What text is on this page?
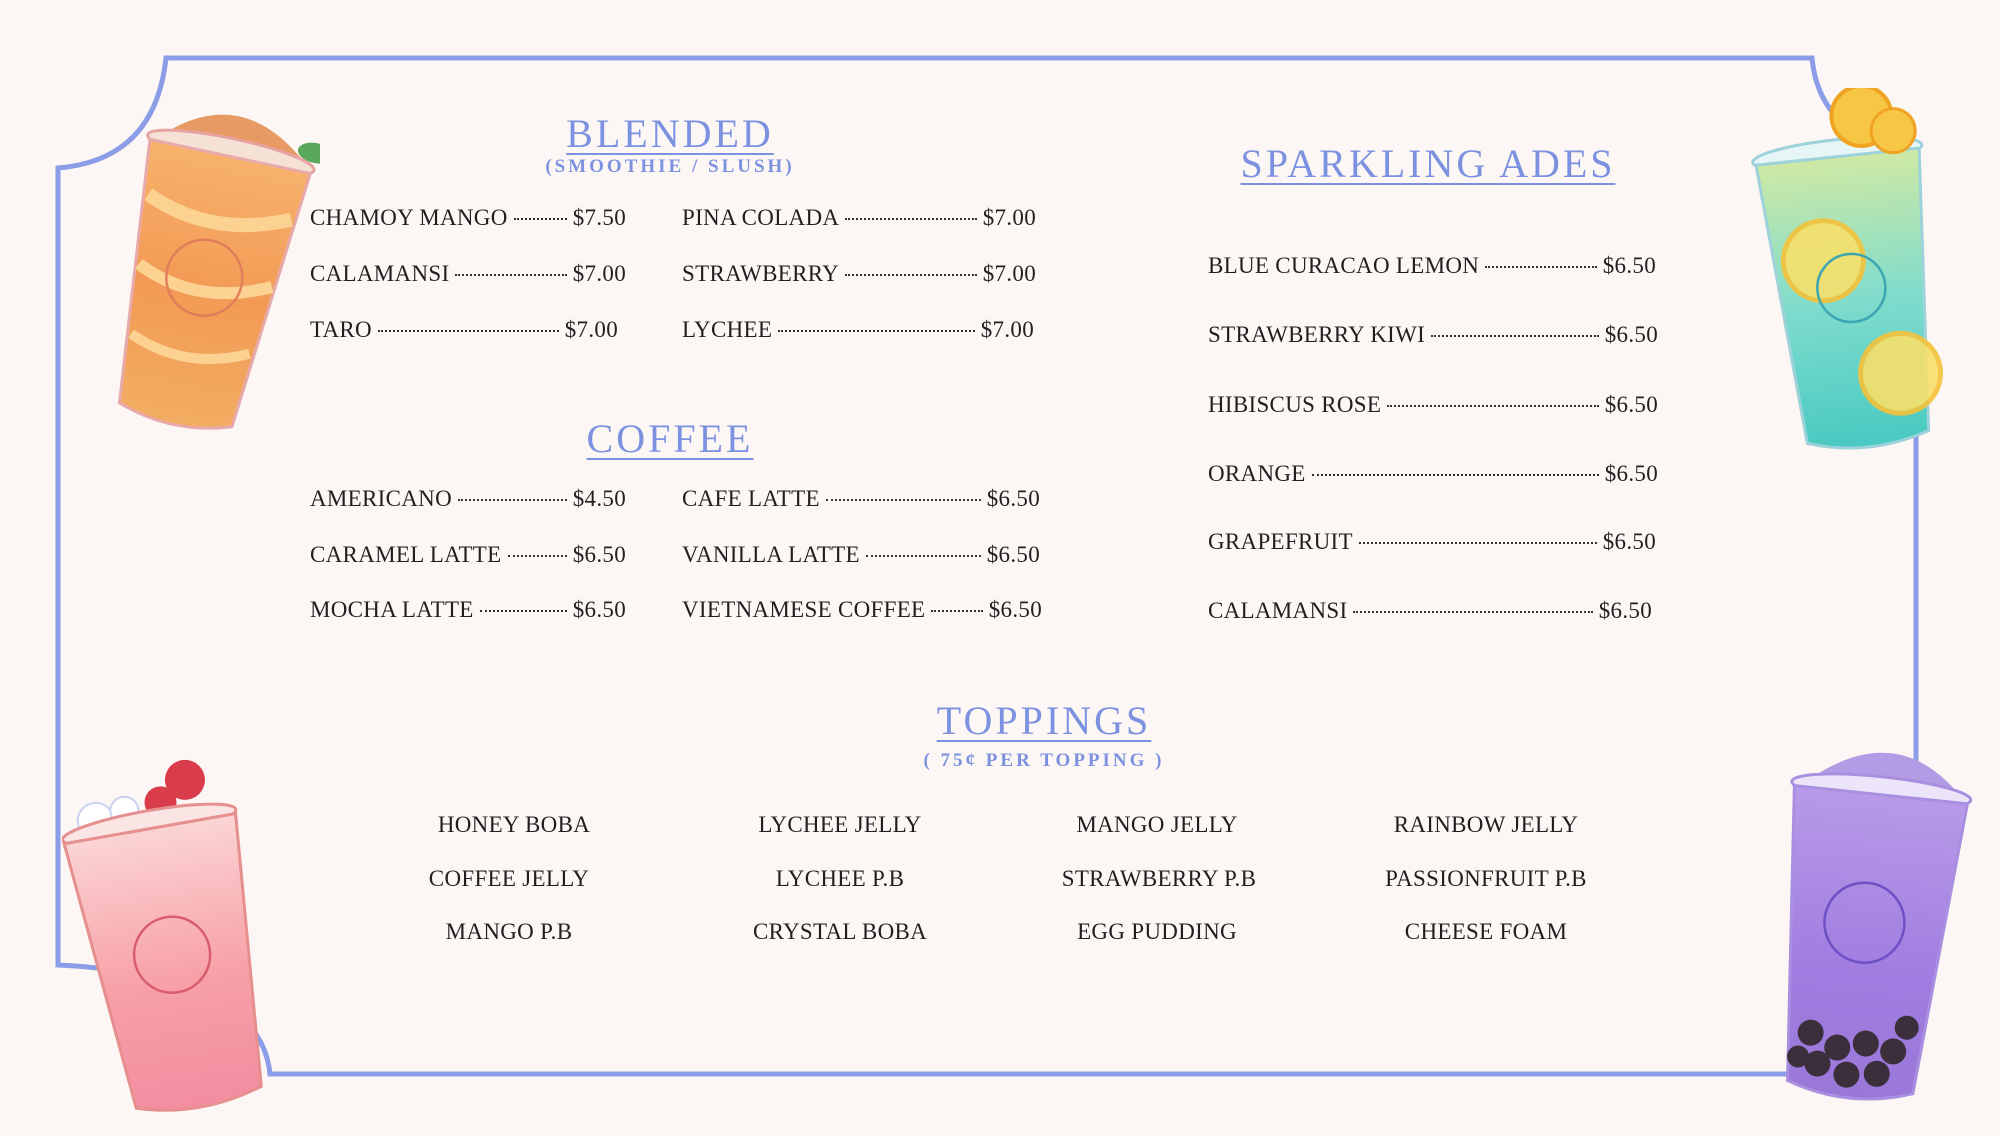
BLENDED

(SMOOTHIE / SLUSH)

CHAMOY MANGO	$7.50
CALAMANSI	$7.00
TARO	$7.00
PINA COLADA	$7.00
STRAWBERRY	$7.00
LYCHEE	$7.00
COFFEE
AMERICANO	$4.50
CARAMEL LATTE	$6.50
MOCHA LATTE	$6.50
CAFE LATTE	$6.50
VANILLA LATTE	$6.50
VIETNAMESE COFFEE	$6.50
SPARKLING ADES
BLUE CURACAO LEMON	$6.50
STRAWBERRY KIWI	$6.50
HIBISCUS ROSE	$6.50
ORANGE	$6.50
GRAPEFRUIT	$6.50
CALAMANSI	$6.50
TOPPINGS

( 75¢ PER TOPPING )

HONEY BOBA	LYCHEE JELLY	MANGO JELLY	RAINBOW JELLY
COFFEE JELLY	LYCHEE P.B	STRAWBERRY P.B	PASSIONFRUIT P.B
MANGO P.B	CRYSTAL BOBA	EGG PUDDING	CHEESE FOAM
